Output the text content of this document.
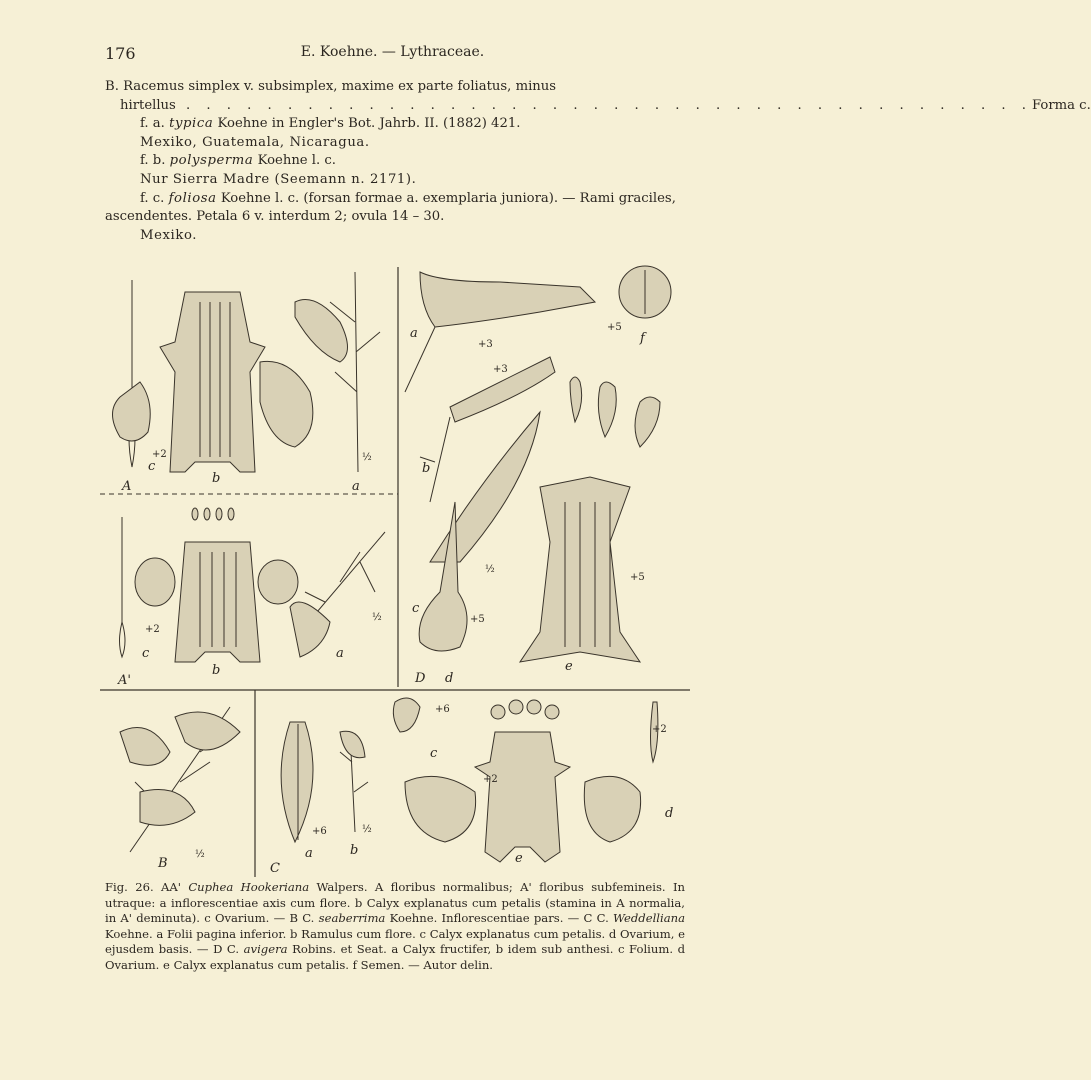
176	E. Koehne. — Lythraceae.
B. Racemus simplex v. subsimplex, maxime ex parte foliatus, minus
hirtellus . . . . . . . . . . . . . . . . . . . . . . . . . . . . . . . . . . . . . . . . . . Forma c.
f. a. typica Koehne in Engler's Bot. Jahrb. II. (1882) 421.
Mexiko, Guatemala, Nicaragua.
f. b. polysperma Koehne l. c.
Nur Sierra Madre (Seemann n. 2171).
f. c. foliosa Koehne l. c. (forsan formae a. exemplaria juniora). — Rami graciles,
ascendentes. Petala 6 v. interdum 2; ovula 14 – 30.
Mexiko.
A
c
+2
b
a
½
A'
c
+2
b
a
½
a
+3
b
+3
f
+5
c
½
D d
+5
e
+5
B
½
C
a
+6
b
½
c
+6
+2
e
d
+2
Fig. 26. AA' Cuphea Hookeriana Walpers. A floribus normalibus; A' floribus subfemineis. In utraque: a inflorescentiae axis cum flore. b Calyx explanatus cum petalis (stamina in A normalia, in A' deminuta). c Ovarium. — B C. seaberrima Koehne. Inflorescentiae pars. — C C. Weddelliana Koehne. a Folii pagina inferior. b Ramulus cum flore. c Calyx explanatus cum petalis. d Ovarium, e ejusdem basis. — D C. avigera Robins. et Seat. a Calyx fructifer, b idem sub anthesi. c Folium. d Ovarium. e Calyx explanatus cum petalis. f Semen. — Autor delin.
